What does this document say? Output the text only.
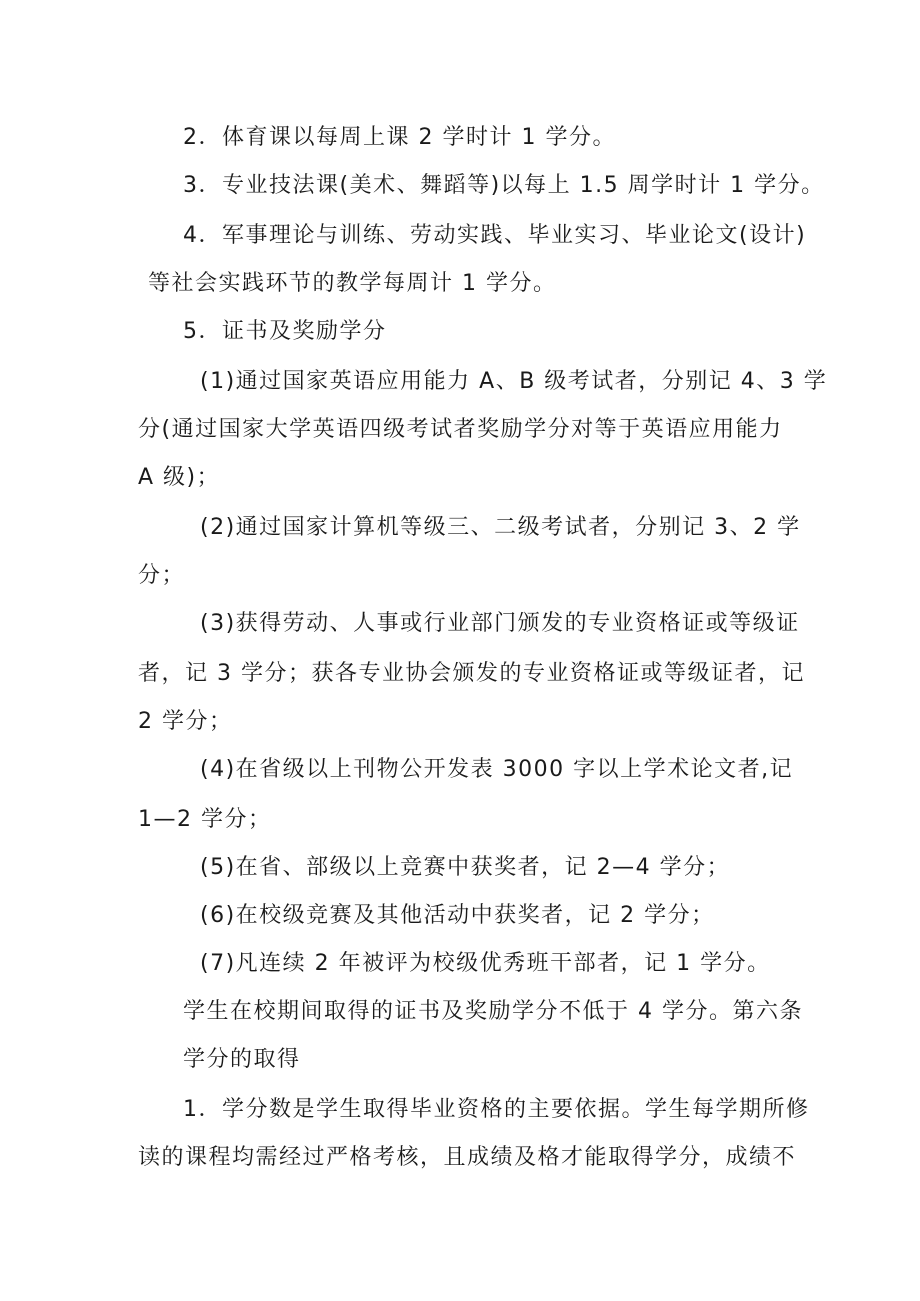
2．体育课以每周上课 2 学时计 1 学分。

3．专业技法课(美术、舞蹈等)以每上 1.5 周学时计 1 学分。

4．军事理论与训练、劳动实践、毕业实习、毕业论文(设计)

等社会实践环节的教学每周计 1 学分。

5．证书及奖励学分

(1)通过国家英语应用能力 A、B 级考试者，分别记 4、3 学

分(通过国家大学英语四级考试者奖励学分对等于英语应用能力

A 级)；

(2)通过国家计算机等级三、二级考试者，分别记 3、2 学

分；

(3)获得劳动、人事或行业部门颁发的专业资格证或等级证

者，记 3 学分；获各专业协会颁发的专业资格证或等级证者，记

2 学分；

(4)在省级以上刊物公开发表 3000 字以上学术论文者,记

1—2 学分；

(5)在省、部级以上竞赛中获奖者，记 2—4 学分；

(6)在校级竞赛及其他活动中获奖者，记 2 学分；

(7)凡连续 2 年被评为校级优秀班干部者，记 1 学分。

学生在校期间取得的证书及奖励学分不低于 4 学分。第六条

学分的取得

1．学分数是学生取得毕业资格的主要依据。学生每学期所修

读的课程均需经过严格考核，且成绩及格才能取得学分，成绩不
